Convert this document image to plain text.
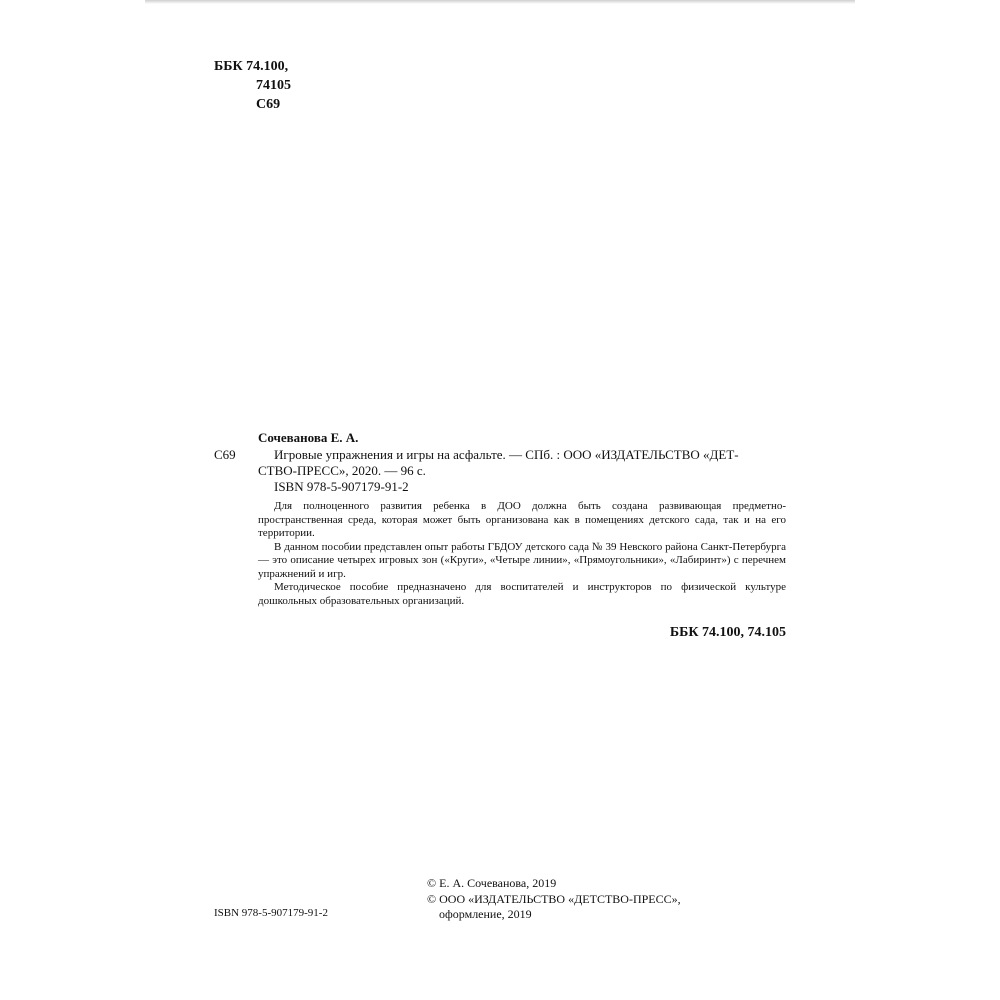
ББК 74.100,
74105
С69
Сочеванова Е. А.
С69	Игровые упражнения и игры на асфальте. — СПб. : ООО «ИЗДАТЕЛЬСТВО «ДЕТ-
СТВО-ПРЕСС», 2020. — 96 с.
ISBN 978-5-907179-91-2

Для полноценного развития ребенка в ДОО должна быть создана развивающая предметно-пространственная среда, которая может быть организована как в помещениях детского сада, так и на его территории.

В данном пособии представлен опыт работы ГБДОУ детского сада № 39 Невского района Санкт-Петербурга — это описание четырех игровых зон («Круги», «Четыре линии», «Прямоугольники», «Лабиринт») с перечнем упражнений и игр.

Методическое пособие предназначено для воспитателей и инструкторов по физической культуре дошкольных образовательных организаций.

ББК 74.100, 74.105
ISBN 978-5-907179-91-2
© Е. А. Сочеванова, 2019
© ООО «ИЗДАТЕЛЬСТВО «ДЕТСТВО-ПРЕСС»,
оформление, 2019
